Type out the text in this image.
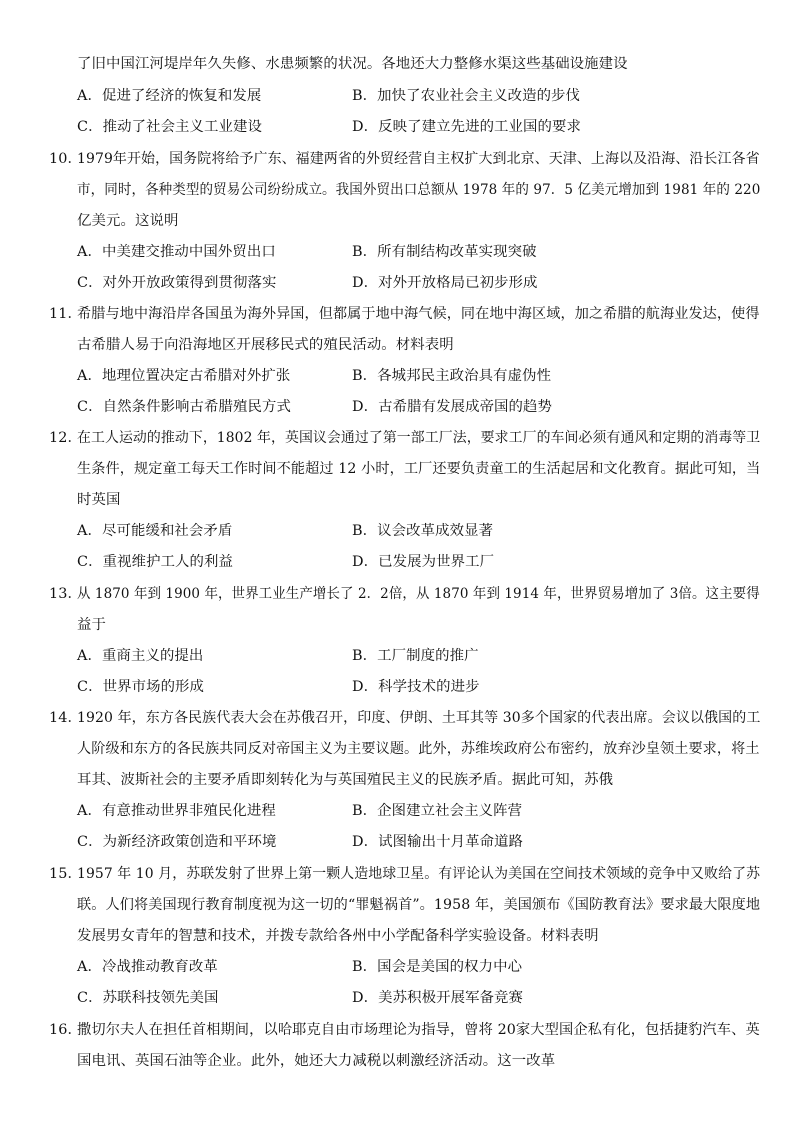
了旧中国江河堤岸年久失修、水患频繁的状况。各地还大力整修水渠这些基础设施建设
A．促进了经济的恢复和发展	B．加快了农业社会主义改造的步伐
C．推动了社会主义工业建设	D．反映了建立先进的工业国的要求
10．
1979年开始，国务院将给予广东、福建两省的外贸经营自主权扩大到北京、天津、上海以及沿海、沿长江各省
市，同时，各种类型的贸易公司纷纷成立。我国外贸出口总额从 1978 年的 97．5 亿美元增加到 1981 年的 220
亿美元。这说明
A．中美建交推动中国外贸出口	B．所有制结构改革实现突破
C．对外开放政策得到贯彻落实	D．对外开放格局已初步形成
11．
希腊与地中海沿岸各国虽为海外异国，但都属于地中海气候，同在地中海区域，加之希腊的航海业发达，使得
古希腊人易于向沿海地区开展移民式的殖民活动。材料表明
A．地理位置决定古希腊对外扩张	B．各城邦民主政治具有虚伪性
C．自然条件影响古希腊殖民方式	D．古希腊有发展成帝国的趋势
12．
在工人运动的推动下，1802 年，英国议会通过了第一部工厂法，要求工厂的车间必须有通风和定期的消毒等卫
生条件，规定童工每天工作时间不能超过 12 小时，工厂还要负责童工的生活起居和文化教育。据此可知，当
时英国
A．尽可能缓和社会矛盾	B．议会改革成效显著
C．重视维护工人的利益	D．已发展为世界工厂
13．
从 1870 年到 1900 年，世界工业生产增长了 2．2倍，从 1870 年到 1914 年，世界贸易增加了 3倍。这主要得
益于
A．重商主义的提出	B．工厂制度的推广
C．世界市场的形成	D．科学技术的进步
14．
1920 年，东方各民族代表大会在苏俄召开，印度、伊朗、土耳其等 30多个国家的代表出席。会议以俄国的工
人阶级和东方的各民族共同反对帝国主义为主要议题。此外，苏维埃政府公布密约，放弃沙皇领土要求，将土
耳其、波斯社会的主要矛盾即刻转化为与英国殖民主义的民族矛盾。据此可知，苏俄
A．有意推动世界非殖民化进程	B．企图建立社会主义阵营
C．为新经济政策创造和平环境	D．试图输出十月革命道路
15．
1957 年 10 月，苏联发射了世界上第一颗人造地球卫星。有评论认为美国在空间技术领域的竞争中又败给了苏
联。人们将美国现行教育制度视为这一切的“罪魁祸首”。1958 年，美国颁布《国防教育法》要求最大限度地
发展男女青年的智慧和技术，并拨专款给各州中小学配备科学实验设备。材料表明
A．冷战推动教育改革	B．国会是美国的权力中心
C．苏联科技领先美国	D．美苏积极开展军备竞赛
16．
撒切尔夫人在担任首相期间，以哈耶克自由市场理论为指导，曾将 20家大型国企私有化，包括捷豹汽车、英
国电讯、英国石油等企业。此外，她还大力减税以刺激经济活动。这一改革
